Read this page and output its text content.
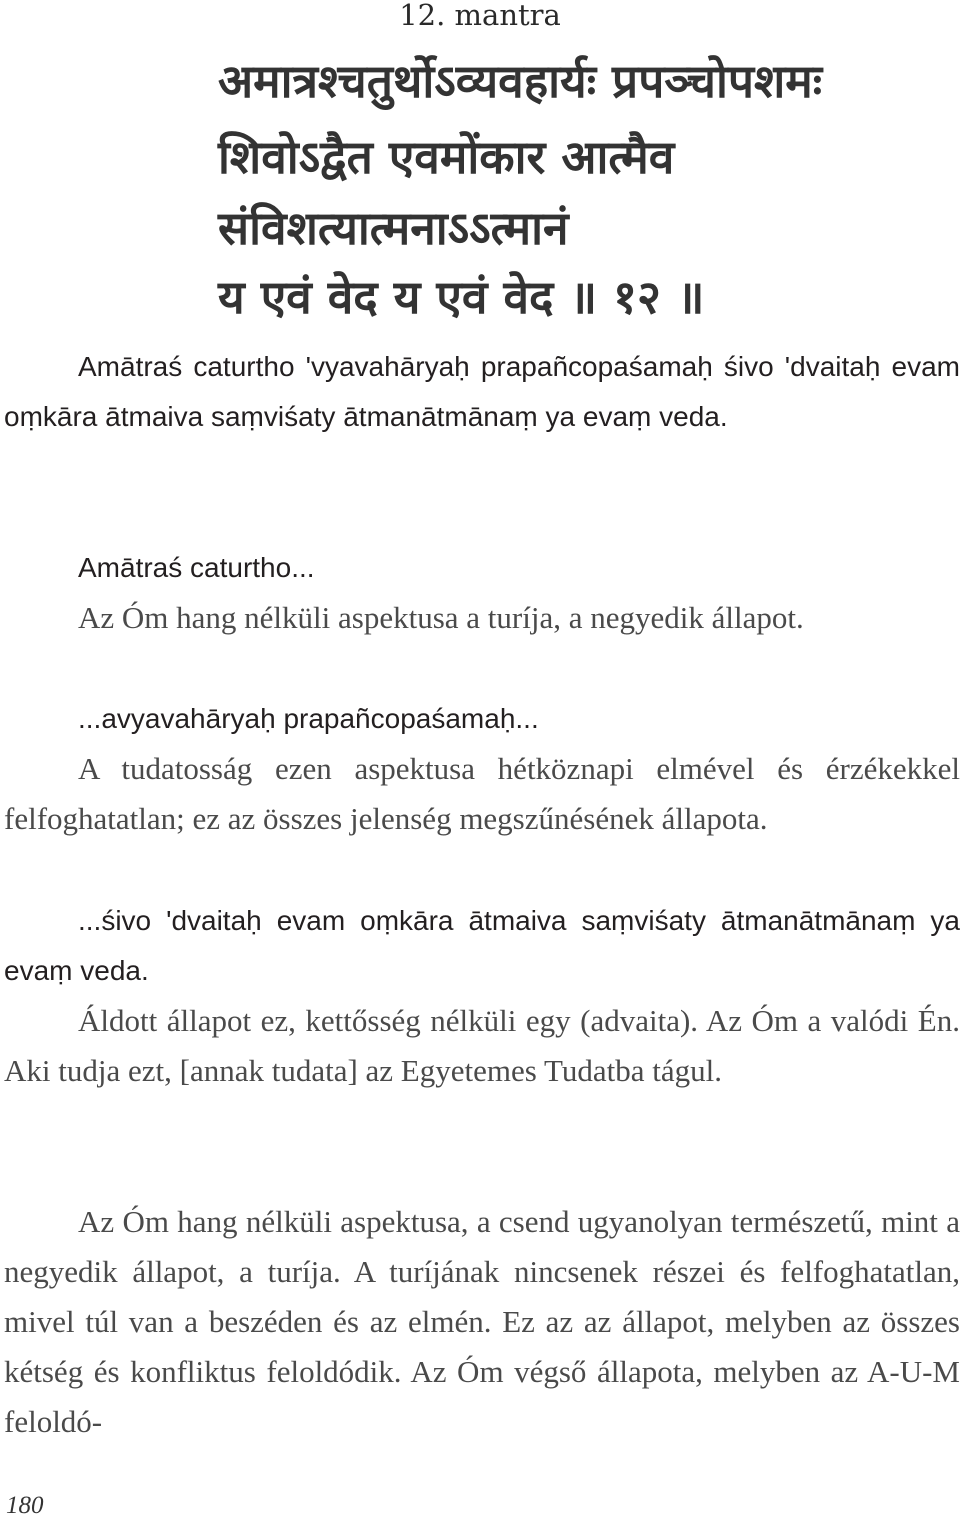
12. mantra
अमात्रश्चतुर्थोऽव्यवहार्यः प्रपञ्चोपशमः
शिवोऽद्वैत एवमोंकार आत्मैव
संविशत्यात्मनाऽऽत्मानं
य एवं वेद य एवं वेद ॥ १२ ॥
Amātraś caturtho ʹvyavahāryaḥ prapañcopaśamaḥ śivo ʹdvaitaḥ evam oṃkāra ātmaiva saṃviśaty ātmanātmānaṃ ya evaṃ veda.
Amātraś caturtho...
Az Óm hang nélküli aspektusa a turíja, a negyedik állapot.
...avyavahāryaḥ prapañcopaśamaḥ...
A tudatosság ezen aspektusa hétköznapi elmével és érzékekkel felfoghatatlan; ez az összes jelenség megszűnésének állapota.
...śivo ʹdvaitaḥ evam oṃkāra ātmaiva saṃviśaty ātmanātmānaṃ ya evaṃ veda.
Áldott állapot ez, kettősség nélküli egy (advaita). Az Óm a valódi Én. Aki tudja ezt, [annak tudata] az Egyetemes Tudatba tágul.
Az Óm hang nélküli aspektusa, a csend ugyanolyan természetű, mint a negyedik állapot, a turíja. A turíjának nincsenek részei és felfoghatatlan, mivel túl van a beszéden és az elmén. Ez az az állapot, melyben az összes kétség és konfliktus feloldódik. Az Óm végső állapota, melyben az A-U-M feloldó-
180
